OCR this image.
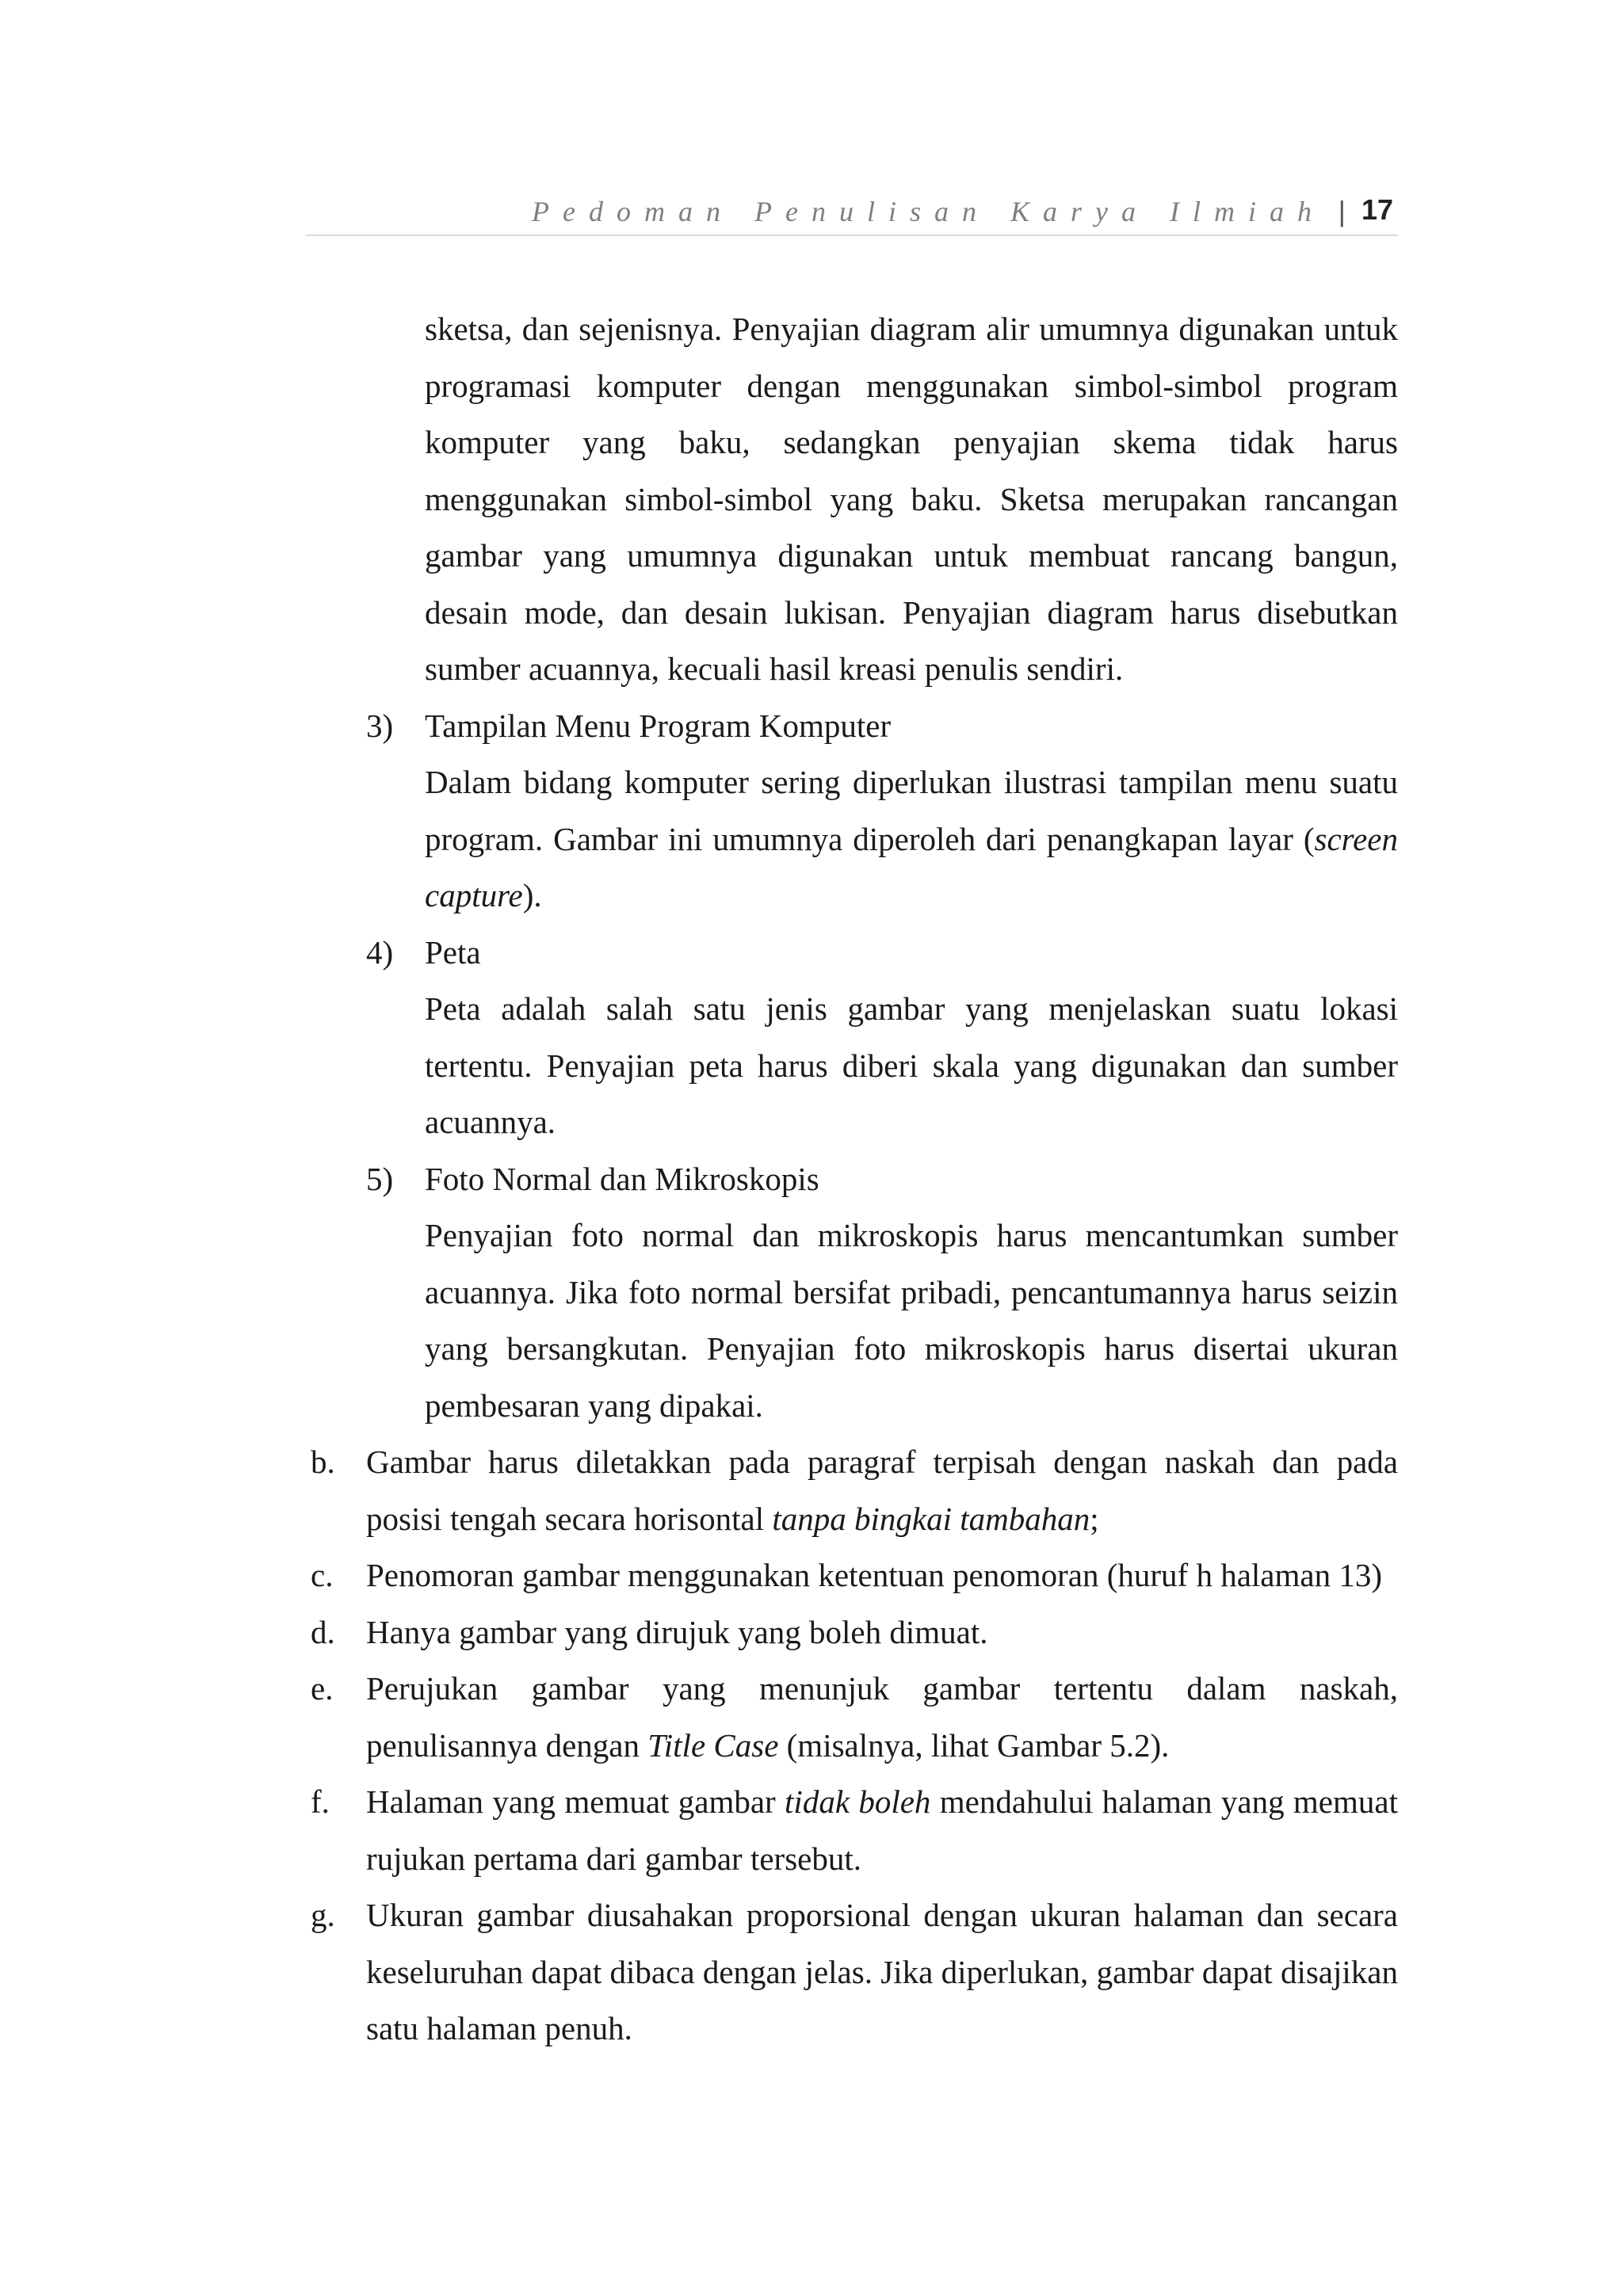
Pedoman Penulisan Karya Ilmiah | 17
sketsa, dan sejenisnya. Penyajian diagram alir umumnya digunakan untuk programasi komputer dengan menggunakan simbol-simbol program komputer yang baku, sedangkan penyajian skema tidak harus menggunakan simbol-simbol yang baku. Sketsa merupakan rancangan gambar yang umumnya digunakan untuk membuat rancang bangun, desain mode, dan desain lukisan. Penyajian diagram harus disebutkan sumber acuannya, kecuali hasil kreasi penulis sendiri.
3) Tampilan Menu Program Komputer
Dalam bidang komputer sering diperlukan ilustrasi tampilan menu suatu program. Gambar ini umumnya diperoleh dari penangkapan layar (screen capture).
4) Peta
Peta adalah salah satu jenis gambar yang menjelaskan suatu lokasi tertentu. Penyajian peta harus diberi skala yang digunakan dan sumber acuannya.
5) Foto Normal dan Mikroskopis
Penyajian foto normal dan mikroskopis harus mencantumkan sumber acuannya. Jika foto normal bersifat pribadi, pencantumannya harus seizin yang bersangkutan. Penyajian foto mikroskopis harus disertai ukuran pembesaran yang dipakai.
b. Gambar harus diletakkan pada paragraf terpisah dengan naskah dan pada posisi tengah secara horisontal tanpa bingkai tambahan;
c.	Penomoran gambar menggunakan ketentuan penomoran (huruf h halaman 13)
d. Hanya gambar yang dirujuk yang boleh dimuat.
e.	Perujukan gambar yang menunjuk gambar tertentu dalam naskah, penulisannya dengan Title Case (misalnya, lihat Gambar 5.2).
f.	Halaman yang memuat gambar tidak boleh mendahului halaman yang memuat rujukan pertama dari gambar tersebut.
g. Ukuran gambar diusahakan proporsional dengan ukuran halaman dan secara keseluruhan dapat dibaca dengan jelas. Jika diperlukan, gambar dapat disajikan satu halaman penuh.
